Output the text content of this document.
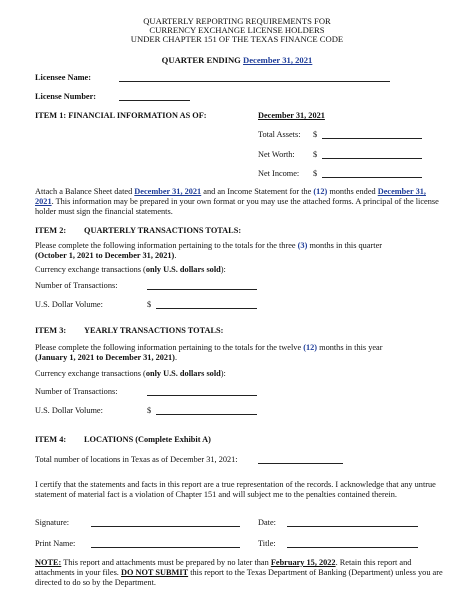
QUARTERLY REPORTING REQUIREMENTS FOR
CURRENCY EXCHANGE LICENSE HOLDERS
UNDER CHAPTER 151 OF THE TEXAS FINANCE CODE
QUARTER ENDING December 31, 2021
Licensee Name:
License Number:
ITEM 1: FINANCIAL INFORMATION AS OF:	December 31, 2021
Total Assets: $
Net Worth: $
Net Income: $
Attach a Balance Sheet dated December 31, 2021 and an Income Statement for the (12) months ended December 31,
2021. This information may be prepared in your own format or you may use the attached forms. A principal of the license holder must sign the financial statements.
ITEM 2: QUARTERLY TRANSACTIONS TOTALS:
Please complete the following information pertaining to the totals for the three (3) months in this quarter
(October 1, 2021 to December 31, 2021).
Currency exchange transactions (only U.S. dollars sold):
Number of Transactions:
U.S. Dollar Volume:	$
ITEM 3: YEARLY TRANSACTIONS TOTALS:
Please complete the following information pertaining to the totals for the twelve (12) months in this year
(January 1, 2021 to December 31, 2021).
Currency exchange transactions (only U.S. dollars sold):
Number of Transactions:
U.S. Dollar Volume:	$
ITEM 4: LOCATIONS (Complete Exhibit A)
Total number of locations in Texas as of December 31, 2021:
I certify that the statements and facts in this report are a true representation of the records. I acknowledge that any untrue statement of material fact is a violation of Chapter 151 and will subject me to the penalties contained therein.
Signature:	Date:
Print Name:	Title:
NOTE: This report and attachments must be prepared by no later than February 15, 2022. Retain this report and attachments in your files. DO NOT SUBMIT this report to the Texas Department of Banking (Department) unless you are directed to do so by the Department.
